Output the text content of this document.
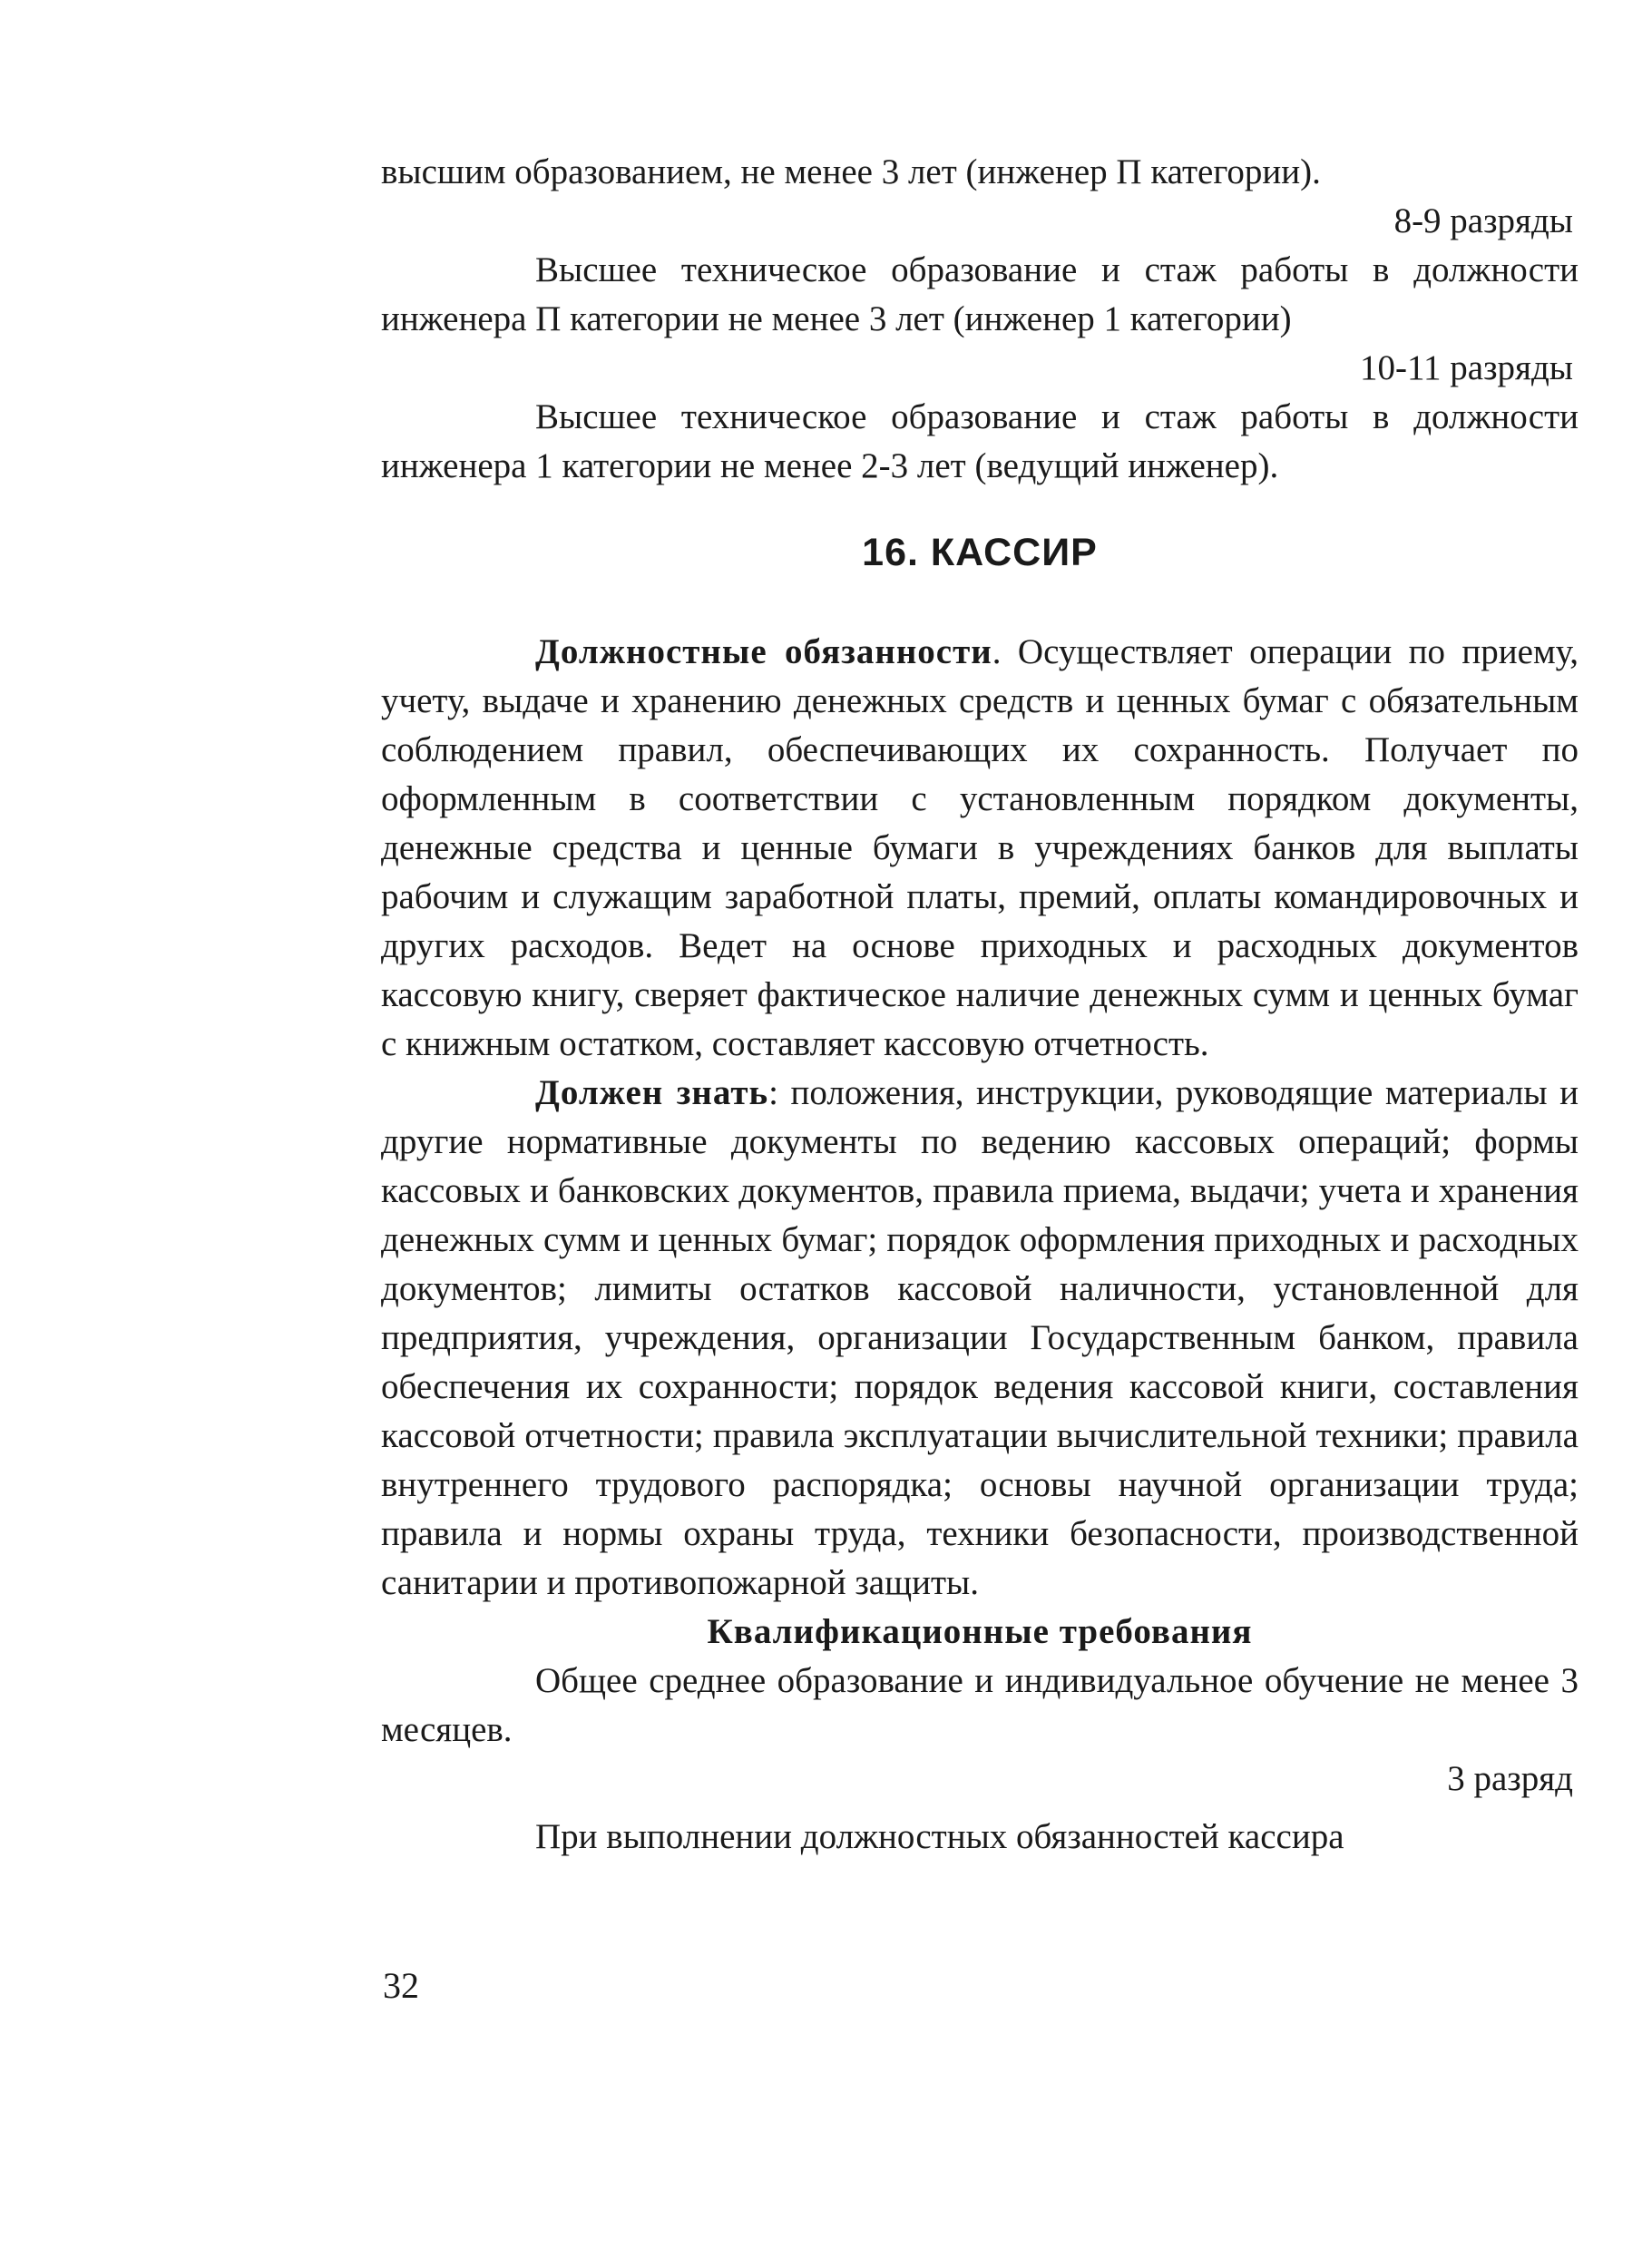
высшим образованием, не менее 3 лет (инженер П категории).

8-9 разряды

Высшее техническое образование и стаж работы в должности инженера П категории не менее 3 лет (инженер 1 категории)

10-11 разряды

Высшее техническое образование и стаж работы в должности инженера 1 категории не менее 2-3 лет (ведущий инженер).

16. КАССИР

Должностные обязанности. Осуществляет операции по приему, учету, выдаче и хранению денежных средств и ценных бумаг с обязательным соблюдением правил, обеспечивающих их сохранность. Получает по оформленным в соответствии с установленным порядком документы, денежные средства и ценные бумаги в учреждениях банков для выплаты рабочим и служащим заработной платы, премий, оплаты командировочных и других расходов. Ведет на основе приходных и расходных документов кассовую книгу, сверяет фактическое наличие денежных сумм и ценных бумаг с книжным остатком, составляет кассовую отчетность.

Должен знать: положения, инструкции, руководящие материалы и другие нормативные документы по ведению кассовых операций; формы кассовых и банковских документов, правила приема, выдачи; учета и хранения денежных сумм и ценных бумаг; порядок оформления приходных и расходных документов; лимиты остатков кассовой наличности, установленной для предприятия, учреждения, организации Государственным банком, правила обеспечения их сохранности; порядок ведения кассовой книги, составления кассовой отчетности; правила эксплуатации вычислительной техники; правила внутреннего трудового распорядка; основы научной организации труда; правила и нормы охраны труда, техники безопасности, производственной санитарии и противопожарной защиты.

Квалификационные требования

Общее среднее образование и индивидуальное обучение не менее 3 месяцев.

3 разряд

При выполнении должностных обязанностей кассира

32
